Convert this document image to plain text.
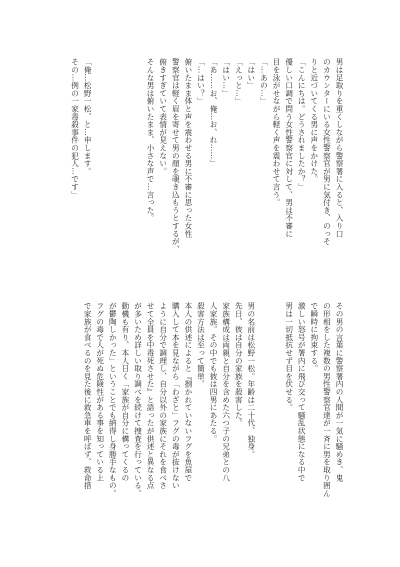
男は足取りを重くしながら警察署に入ると、入り口
のカウンターにいる女性警察官が男に気付き、のっそ
りと近づいてくる男に声をかけた。
「こんにちは。どうされましたか？」
優しい口調で問う女性警察官に対して、男は不審に
目を泳がせながら軽く声を震わせて言う。
「…あの…」
「はい」
「えっと…」
「はい…」
「あ……お、俺…お、れ……」
「…はい？」
俯いたまま体と声を震わせる男に不審に思った女性
警察官は軽く眉を寄せて男の顔を覗き込もうとするが、
俯きすぎていて表情が見えない。
そんな男は俯いたまま、小さな声で…言った。

「俺…松野一松、と…申します。
その…例の一家毒殺事件の犯人…です」
その男の言葉に警察署内の人間が一気に騒めき、鬼
の形相をした複数の男性警察官達が一斉に男を取り囲ん
で瞬時に拘束する。
激しい怒号が署内に飛び交って騒乱状態になる中で
男は一切抵抗せず目を伏せる。

男の名前は松野一松。年齢は二十代、独身。
先日、彼は自分の家族を殺害した。
家族構成は両親と自分を含めた六つ子の兄弟との八
人家族。その中でも彼は四男にあたる。
殺害方法は至って簡単。
本人の供述によると『捌かれていないフグを魚屋で
購入して本を見ながら「わざと」フグの毒が抜けない
ように自分で調理し、自分以外の家族にそれを食べさ
せて全員を中毒死させた』と語ったが供述と異なる点
が多いため詳しい取り調べを続けて捜査を行っている。
動機も有り、本人日く「家族が自分に構ってくるの
が鬱陶しかった」ということでも納得し身勝手なもの。
フグの毒で人が死ぬ危険性がある事を知っている上
で家族が食べるのを見た後に救急車を呼ばず、救命措
